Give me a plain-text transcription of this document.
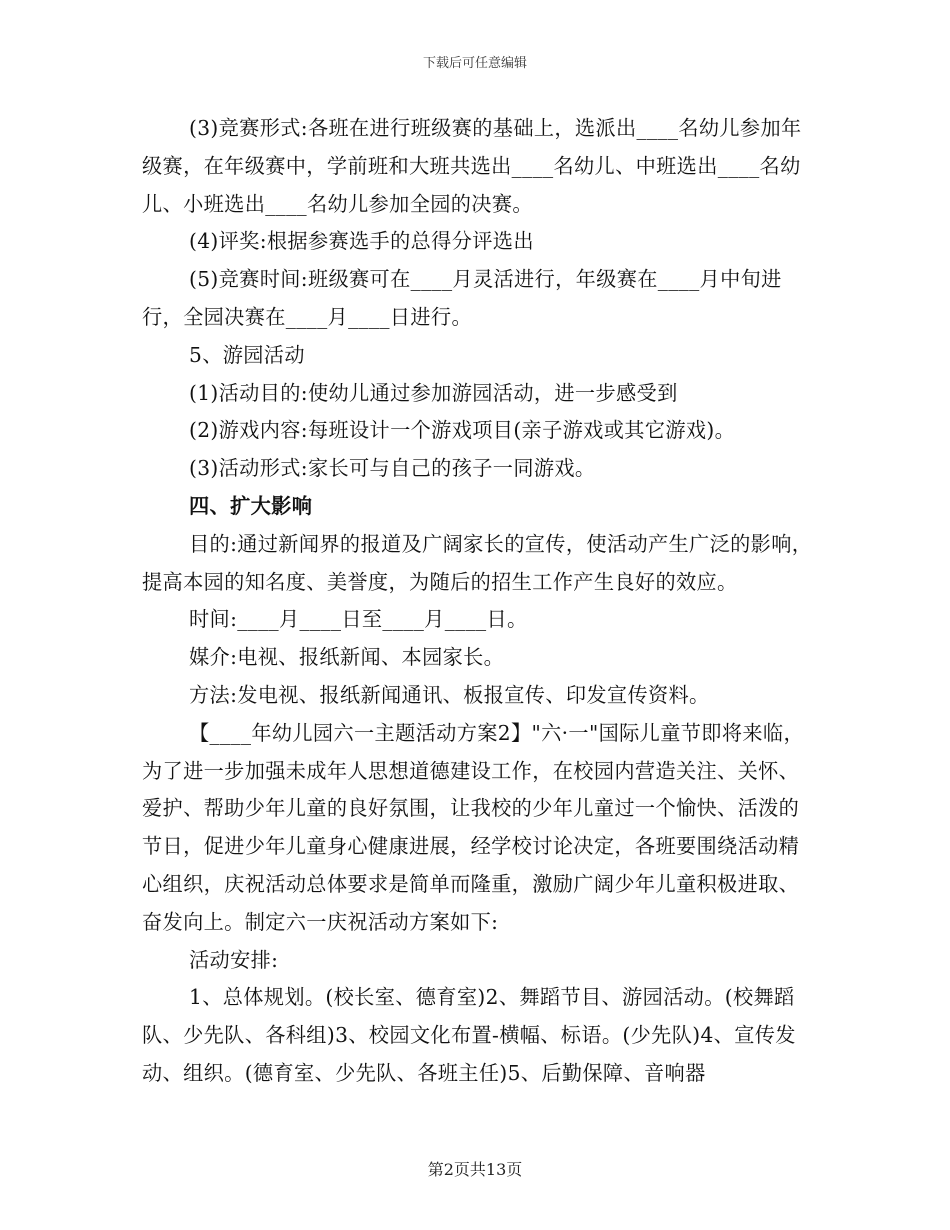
下载后可任意编辑

(3)竞赛形式:各班在进行班级赛的基础上，选派出____名幼儿参加年级赛，在年级赛中，学前班和大班共选出____名幼儿、中班选出____名幼儿、小班选出____名幼儿参加全园的决赛。

(4)评奖:根据参赛选手的总得分评选出

(5)竞赛时间:班级赛可在____月灵活进行，年级赛在____月中旬进行，全园决赛在____月____日进行。

5、游园活动

(1)活动目的:使幼儿通过参加游园活动，进一步感受到

(2)游戏内容:每班设计一个游戏项目(亲子游戏或其它游戏)。

(3)活动形式:家长可与自己的孩子一同游戏。

四、扩大影响

目的:通过新闻界的报道及广阔家长的宣传，使活动产生广泛的影响，提高本园的知名度、美誉度，为随后的招生工作产生良好的效应。

时间:____月____日至____月____日。

媒介:电视、报纸新闻、本园家长。

方法:发电视、报纸新闻通讯、板报宣传、印发宣传资料。

【____年幼儿园六一主题活动方案2】"六·一"国际儿童节即将来临，为了进一步加强未成年人思想道德建设工作，在校园内营造关注、关怀、爱护、帮助少年儿童的良好氛围，让我校的少年儿童过一个愉快、活泼的节日，促进少年儿童身心健康进展，经学校讨论决定，各班要围绕活动精心组织，庆祝活动总体要求是简单而隆重，激励广阔少年儿童积极进取、奋发向上。制定六一庆祝活动方案如下:

活动安排:

1、总体规划。(校长室、德育室)2、舞蹈节目、游园活动。(校舞蹈队、少先队、各科组)3、校园文化布置-横幅、标语。(少先队)4、宣传发动、组织。(德育室、少先队、各班主任)5、后勤保障、音响器

第2页共13页
